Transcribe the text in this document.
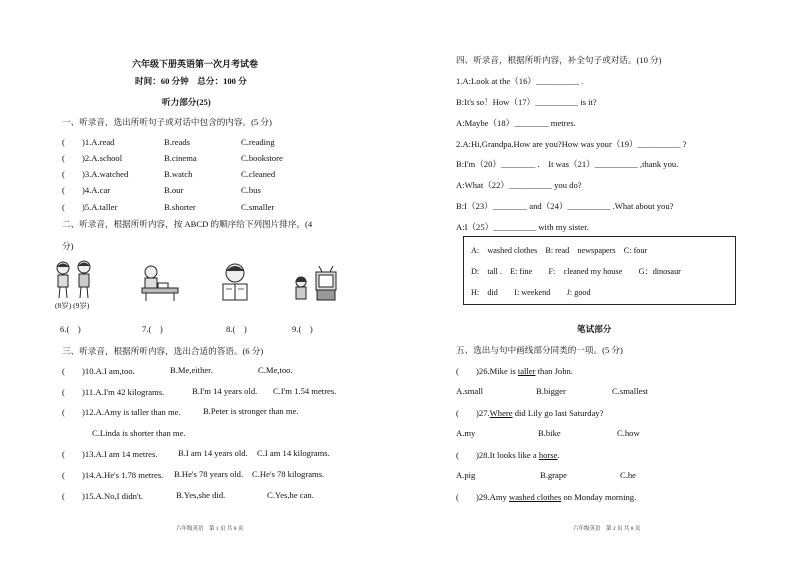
六年级下册英语第一次月考试卷
时间：60 分钟　总分：100 分
听力部分(25)
一、听录音，选出所听句子或对话中包含的内容。(5 分)
( )1.A.read	B.reads	C.reading
( )2.A.school	B.cinema	C.bookstore
( )3.A.watched	B.watch	C.cleaned
( )4.A.car	B.our	C.bus
( )5.A.taller	B.shorter	C.smaller
二、听录音，根据所听内容，按 ABCD 的顺序给下列图片排序。(4
分)
(8岁) (9岁)
6.(　)	7.(　)	8.(　)	9.(　)
三、听录音，根据所听内容，选出合适的答语。(6 分)
(　　)10.A.I am,too.	B.Me,either.	C.Me,too.
(　　)11.A.I'm 42 kilograms.	B.I'm 14 years old. C.I'm 1.54 metres.
(　　)12.A.Amy is taller than me.	B.Peter is stronger than me.
C.Linda is shorter than me.
(　　)13.A.I am 14 metres. B.I am 14 years old. C.I am 14 kilograms.
(　　)14.A.He's 1.78 metres. B.He's 78 years old. C.He's 78 kilograms.
(　　)15.A.No,I didn't.	B.Yes,she did.	C.Yes,he can.
六年级英语　第 1 页 共 8 页
四、听录音，根据所听内容，补全句子或对话。(10 分)
1.A:Look at the（16）__________ .
B:It's so！How（17）__________ is it?
A:Maybe（18）________ metres.
2.A:Hi,Grandpa.How are you?How was your（19）__________ ?
B:I'm（20）________ .　It was（21）__________ ,thank you.
A:What（22）__________ you do?
B:I（23）________ and（24）__________ .What about you?
A:I（25）__________ with my sister.
A:　washed clothes　B: read　newspapers　C: four
D:　tall .　E: fine　　F:　cleaned my house　　G：dinosaur
H:　did　　I: weekend　　J: good
笔试部分
五、选出与句中画线部分同类的一项。(5 分)
(　　)26.Mike is taller than John.
A.small	B.bigger	C.smallest
(　　)27.Where did Lily go last Saturday?
A.my	B.bike	C.how
(　　)28.It looks like a horse.
A.pig	B.grape	C.he
(　　)29.Amy washed clothes on Monday morning.
六年级英语　第 2 页 共 8 页
